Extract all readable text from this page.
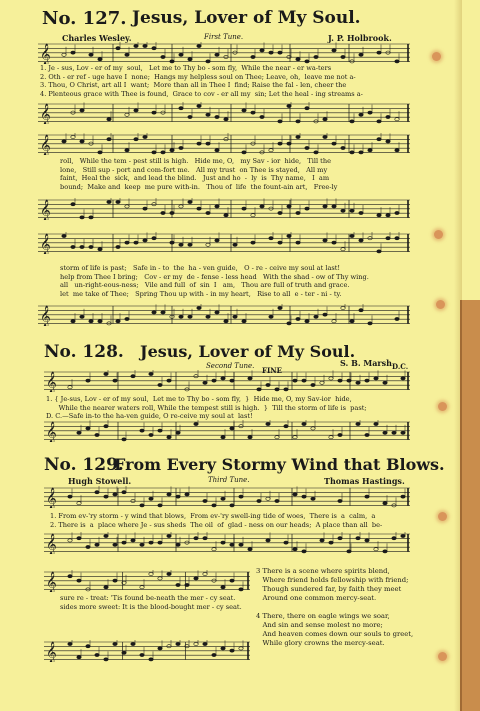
No. 127. Jesus, Lover of My Soul.
Charles Wesley.	First Tune.	J. P. Holbrook.
𝄞
1. Je - sus, Lov - er of my  soul,   Let me to Thy bo - som fly,  While the near - er wa-ters
2. Oth - er ref - uge have I  none;  Hangs my helpless soul on Thee; Leave, oh,  leave me not a-
3. Thou, O Christ, art all I  want;  More than all in Thee I  find; Raise the fal - len, cheer the
4. Plenteous grace with Thee is found,  Grace to cov - er all my  sin; Let the heal - ing streams a-
𝄞
𝄞
roll,   While the tem - pest still is high.   Hide me, O,   my Sav - ior  hide,   Till the
lone,   Still sup - port and com-fort me.   All my trust  on Thee is stayed,   All my
faint,  Heal the  sick,  and lead the blind.   Just and ho  -  ly  is  Thy name,   I  am
bound;  Make and  keep  me pure with-in.   Thou of  life  the fount-ain art,   Free-ly
𝄞
𝄞
storm of life is past;   Safe in - to  the  ha - ven guide,   O - re - ceive my soul at last!
help from Thee I bring;   Cov - er my  de - fense - less head   With the shad - ow of Thy wing.
all   un-right-eous-ness;   Vile and full  of  sin  I   am,   Thou are full of truth and grace.
let  me take of Thee;   Spring Thou up with - in my heart,   Rise to all  e - ter - ni - ty.
𝄞
No. 128. Jesus, Lover of My Soul.
Second Tune.	S. B. Marsh.
FINE	D.C.
𝄞
1. { Je-sus, Lov - er of my soul,  Let me to Thy bo - som fly,  }  Hide me, O, my Sav-ior  hide,
While the nearer waters roll, While the tempest still is high.  }  Till the storm of life is  past;
D. C.—Safe in-to the ha-ven guide, O re-ceive my soul at  last!
𝄞
No. 129.
From Every Stormy Wind that Blows.
Hugh Stowell.	Third Tune.	Thomas Hastings.
𝄞
1. From ev-'ry storm - y wind that blows,  From ev-'ry swell-ing tide of woes,  There is  a  calm,  a
2. There is  a  place where Je - sus sheds  The oil  of  glad - ness on our heads;  A place than all  be-
𝄞
𝄞
sure re - treat: 'Tis found be-neath the mer - cy seat.
sides more sweet: It is the blood-bought mer - cy seat.
𝄞
3 There is a scene where spirits blend,
Where friend holds fellowship with friend;
Though sundered far, by faith they meet
Around one common mercy-seat.

4 There, there on eagle wings we soar,
And sin and sense molest no more;
And heaven comes down our souls to greet,
While glory crowns the mercy-seat.
